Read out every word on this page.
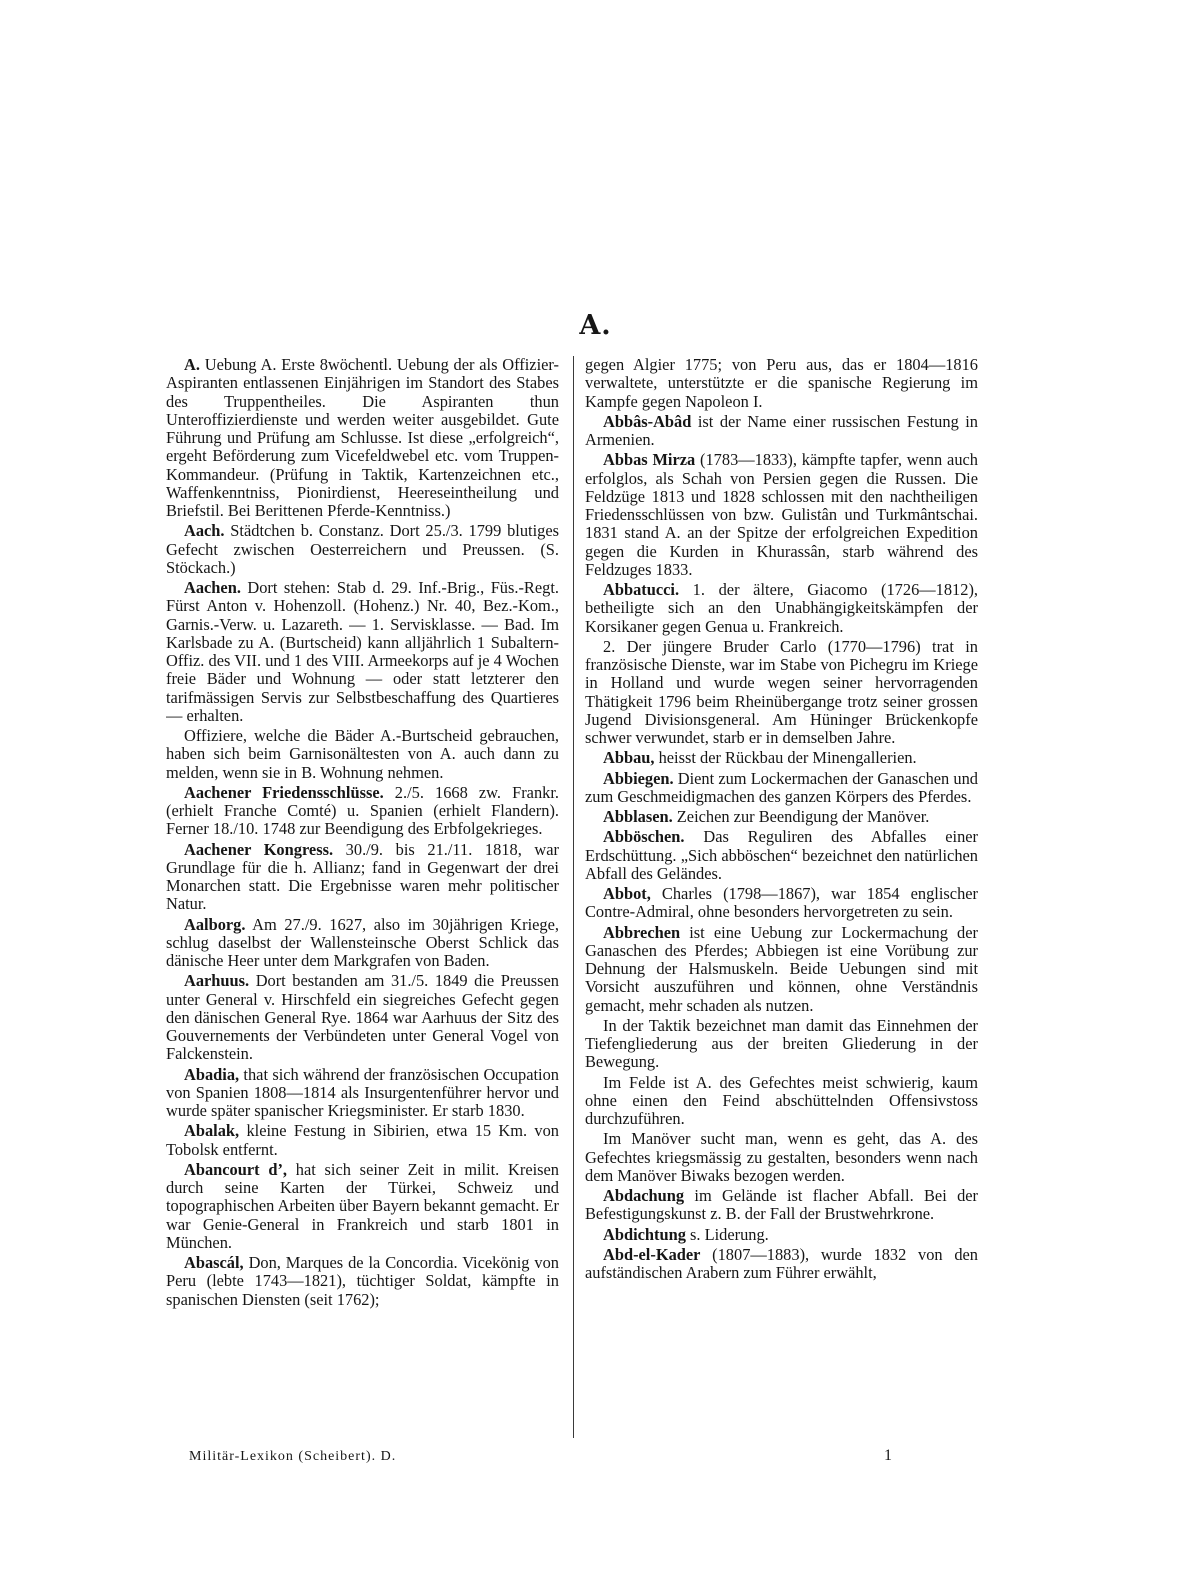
A.

A. Uebung A. Erste 8wöchentl. Uebung der als Offizier-Aspiranten entlassenen Einjährigen im Standort des Stabes des Truppentheiles. Die Aspiranten thun Unteroffizierdienste und werden weiter ausgebildet. Gute Führung und Prüfung am Schlusse. Ist diese „erfolgreich“, ergeht Beförderung zum Vicefeldwebel etc. vom Truppen-Kommandeur. (Prüfung in Taktik, Kartenzeichnen etc., Waffenkenntniss, Pionirdienst, Heereseintheilung und Briefstil. Bei Berittenen Pferde-Kenntniss.)

Aach. Städtchen b. Constanz. Dort 25./3. 1799 blutiges Gefecht zwischen Oesterreichern und Preussen. (S. Stöckach.)

Aachen. Dort stehen: Stab d. 29. Inf.-Brig., Füs.-Regt. Fürst Anton v. Hohenzoll. (Hohenz.) Nr. 40, Bez.-Kom., Garnis.-Verw. u. Lazareth. — 1. Servisklasse. — Bad. Im Karlsbade zu A. (Burtscheid) kann alljährlich 1 Subaltern-Offiz. des VII. und 1 des VIII. Armeekorps auf je 4 Wochen freie Bäder und Wohnung — oder statt letzterer den tarifmässigen Servis zur Selbstbeschaffung des Quartieres — erhalten.

Offiziere, welche die Bäder A.-Burtscheid gebrauchen, haben sich beim Garnisonältesten von A. auch dann zu melden, wenn sie in B. Wohnung nehmen.

Aachener Friedensschlüsse. 2./5. 1668 zw. Frankr. (erhielt Franche Comté) u. Spanien (erhielt Flandern). Ferner 18./10. 1748 zur Beendigung des Erbfolgekrieges.

Aachener Kongress. 30./9. bis 21./11. 1818, war Grundlage für die h. Allianz; fand in Gegenwart der drei Monarchen statt. Die Ergebnisse waren mehr politischer Natur.

Aalborg. Am 27./9. 1627, also im 30jährigen Kriege, schlug daselbst der Wallensteinsche Oberst Schlick das dänische Heer unter dem Markgrafen von Baden.

Aarhuus. Dort bestanden am 31./5. 1849 die Preussen unter General v. Hirschfeld ein siegreiches Gefecht gegen den dänischen General Rye. 1864 war Aarhuus der Sitz des Gouvernements der Verbündeten unter General Vogel von Falckenstein.

Abadia, that sich während der französischen Occupation von Spanien 1808—1814 als Insurgentenführer hervor und wurde später spanischer Kriegsminister. Er starb 1830.

Abalak, kleine Festung in Sibirien, etwa 15 Km. von Tobolsk entfernt.

Abancourt d’, hat sich seiner Zeit in milit. Kreisen durch seine Karten der Türkei, Schweiz und topographischen Arbeiten über Bayern bekannt gemacht. Er war Genie-General in Frankreich und starb 1801 in München.

Abascál, Don, Marques de la Concordia. Vicekönig von Peru (lebte 1743—1821), tüchtiger Soldat, kämpfte in spanischen Diensten (seit 1762);

gegen Algier 1775; von Peru aus, das er 1804—1816 verwaltete, unterstützte er die spanische Regierung im Kampfe gegen Napoleon I.

Abbâs-Abâd ist der Name einer russischen Festung in Armenien.

Abbas Mirza (1783—1833), kämpfte tapfer, wenn auch erfolglos, als Schah von Persien gegen die Russen. Die Feldzüge 1813 und 1828 schlossen mit den nachtheiligen Friedensschlüssen von bzw. Gulistân und Turkmântschai. 1831 stand A. an der Spitze der erfolgreichen Expedition gegen die Kurden in Khurassân, starb während des Feldzuges 1833.

Abbatucci. 1. der ältere, Giacomo (1726—1812), betheiligte sich an den Unabhängigkeitskämpfen der Korsikaner gegen Genua u. Frankreich.

2. Der jüngere Bruder Carlo (1770—1796) trat in französische Dienste, war im Stabe von Pichegru im Kriege in Holland und wurde wegen seiner hervorragenden Thätigkeit 1796 beim Rheinübergange trotz seiner grossen Jugend Divisionsgeneral. Am Hüninger Brückenkopfe schwer verwundet, starb er in demselben Jahre.

Abbau, heisst der Rückbau der Minengallerien.

Abbiegen. Dient zum Lockermachen der Ganaschen und zum Geschmeidigmachen des ganzen Körpers des Pferdes.

Abblasen. Zeichen zur Beendigung der Manöver.

Abböschen. Das Reguliren des Abfalles einer Erdschüttung. „Sich abböschen“ bezeichnet den natürlichen Abfall des Geländes.

Abbot, Charles (1798—1867), war 1854 englischer Contre-Admiral, ohne besonders hervorgetreten zu sein.

Abbrechen ist eine Uebung zur Lockermachung der Ganaschen des Pferdes; Abbiegen ist eine Vorübung zur Dehnung der Halsmuskeln. Beide Uebungen sind mit Vorsicht auszuführen und können, ohne Verständnis gemacht, mehr schaden als nutzen.

In der Taktik bezeichnet man damit das Einnehmen der Tiefengliederung aus der breiten Gliederung in der Bewegung.

Im Felde ist A. des Gefechtes meist schwierig, kaum ohne einen den Feind abschüttelnden Offensivstoss durchzuführen.

Im Manöver sucht man, wenn es geht, das A. des Gefechtes kriegsmässig zu gestalten, besonders wenn nach dem Manöver Biwaks bezogen werden.

Abdachung im Gelände ist flacher Abfall. Bei der Befestigungskunst z. B. der Fall der Brustwehrkrone.

Abdichtung s. Liderung.

Abd-el-Kader (1807—1883), wurde 1832 von den aufständischen Arabern zum Führer erwählt,

Militär-Lexikon (Scheibert). D.	1
